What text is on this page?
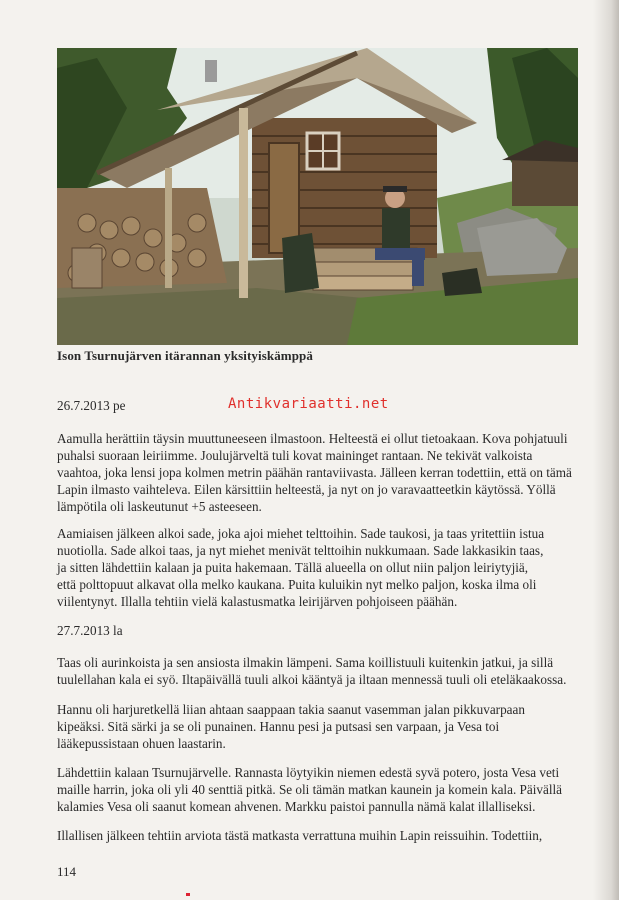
Ison Tsurnujärven itärannan yksityiskämppä
Antikvariaatti.net

26.7.2013 pe

Aamulla herättiin täysin muuttuneeseen ilmastoon. Helteestä ei ollut tietoakaan. Kova pohjatuuli

puhalsi suoraan leiriimme. Joulujärveltä tuli kovat maininget rantaan. Ne tekivät valkoista

vaahtoa, joka lensi jopa kolmen metrin päähän rantaviivasta. Jälleen kerran todettiin, että on tämä

Lapin ilmasto vaihteleva. Eilen kärsittiin helteestä, ja nyt on jo varavaatteetkin käytössä. Yöllä

lämpötila oli laskeutunut +5 asteeseen.

Aamiaisen jälkeen alkoi sade, joka ajoi miehet telttoihin. Sade taukosi, ja taas yritettiin istua

nuotiolla. Sade alkoi taas, ja nyt miehet menivät telttoihin nukkumaan. Sade lakkasikin taas,

ja sitten lähdettiin kalaan ja puita hakemaan. Tällä alueella on ollut niin paljon leiriytyjiä,

että polttopuut alkavat olla melko kaukana. Puita kuluikin nyt melko paljon, koska ilma oli

viilentynyt. Illalla tehtiin vielä kalastusmatka leirijärven pohjoiseen päähän.

27.7.2013 la

Taas oli aurinkoista ja sen ansiosta ilmakin lämpeni. Sama koillistuuli kuitenkin jatkui, ja sillä

tuulellahan kala ei syö. Iltapäivällä tuuli alkoi kääntyä ja iltaan mennessä tuuli oli eteläkaakossa.

Hannu oli harjuretkellä liian ahtaan saappaan takia saanut vasemman jalan pikkuvarpaan

kipeäksi. Sitä särki ja se oli punainen. Hannu pesi ja putsasi sen varpaan, ja Vesa toi

lääkepussistaan ohuen laastarin.

Lähdettiin kalaan Tsurnujärvelle. Rannasta löytyikin niemen edestä syvä potero, josta Vesa veti

maille harrin, joka oli yli 40 senttiä pitkä. Se oli tämän matkan kaunein ja komein kala. Päivällä

kalamies Vesa oli saanut komean ahvenen. Markku paistoi pannulla nämä kalat illalliseksi.

Illallisen jälkeen tehtiin arviota tästä matkasta verrattuna muihin Lapin reissuihin. Todettiin,

114
